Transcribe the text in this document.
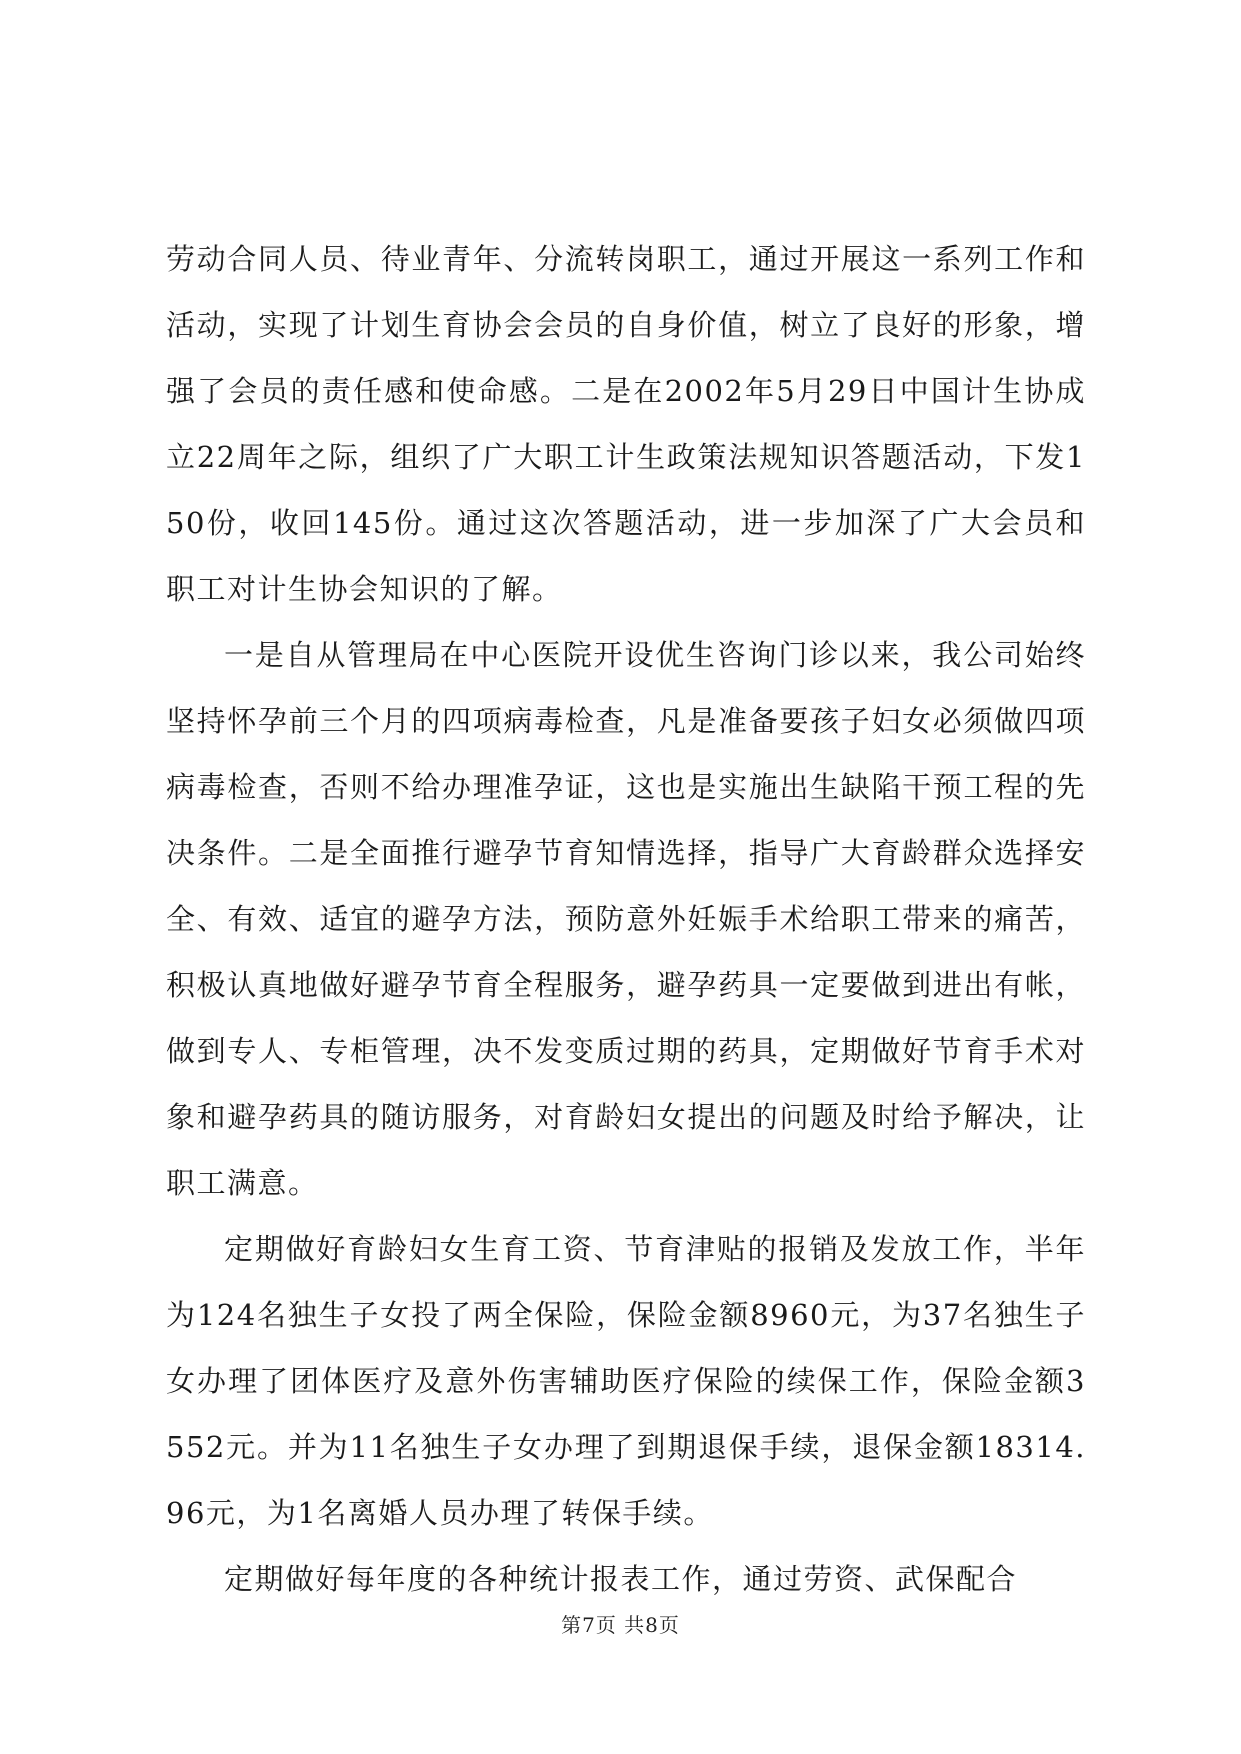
劳动合同人员、待业青年、分流转岗职工，通过开展这一系列工作和活动，实现了计划生育协会会员的自身价值，树立了良好的形象，增强了会员的责任感和使命感。二是在2002年5月29日中国计生协成立22周年之际，组织了广大职工计生政策法规知识答题活动，下发150份，收回145份。通过这次答题活动，进一步加深了广大会员和职工对计生协会知识的了解。

一是自从管理局在中心医院开设优生咨询门诊以来，我公司始终坚持怀孕前三个月的四项病毒检查，凡是准备要孩子妇女必须做四项病毒检查，否则不给办理准孕证，这也是实施出生缺陷干预工程的先决条件。二是全面推行避孕节育知情选择，指导广大育龄群众选择安全、有效、适宜的避孕方法，预防意外妊娠手术给职工带来的痛苦，积极认真地做好避孕节育全程服务，避孕药具一定要做到进出有帐，做到专人、专柜管理，决不发变质过期的药具，定期做好节育手术对象和避孕药具的随访服务，对育龄妇女提出的问题及时给予解决，让职工满意。

定期做好育龄妇女生育工资、节育津贴的报销及发放工作，半年为124名独生子女投了两全保险，保险金额8960元，为37名独生子女办理了团体医疗及意外伤害辅助医疗保险的续保工作，保险金额3552元。并为11名独生子女办理了到期退保手续，退保金额18314.96元，为1名离婚人员办理了转保手续。

定期做好每年度的各种统计报表工作，通过劳资、武保配合

第7页 共8页
